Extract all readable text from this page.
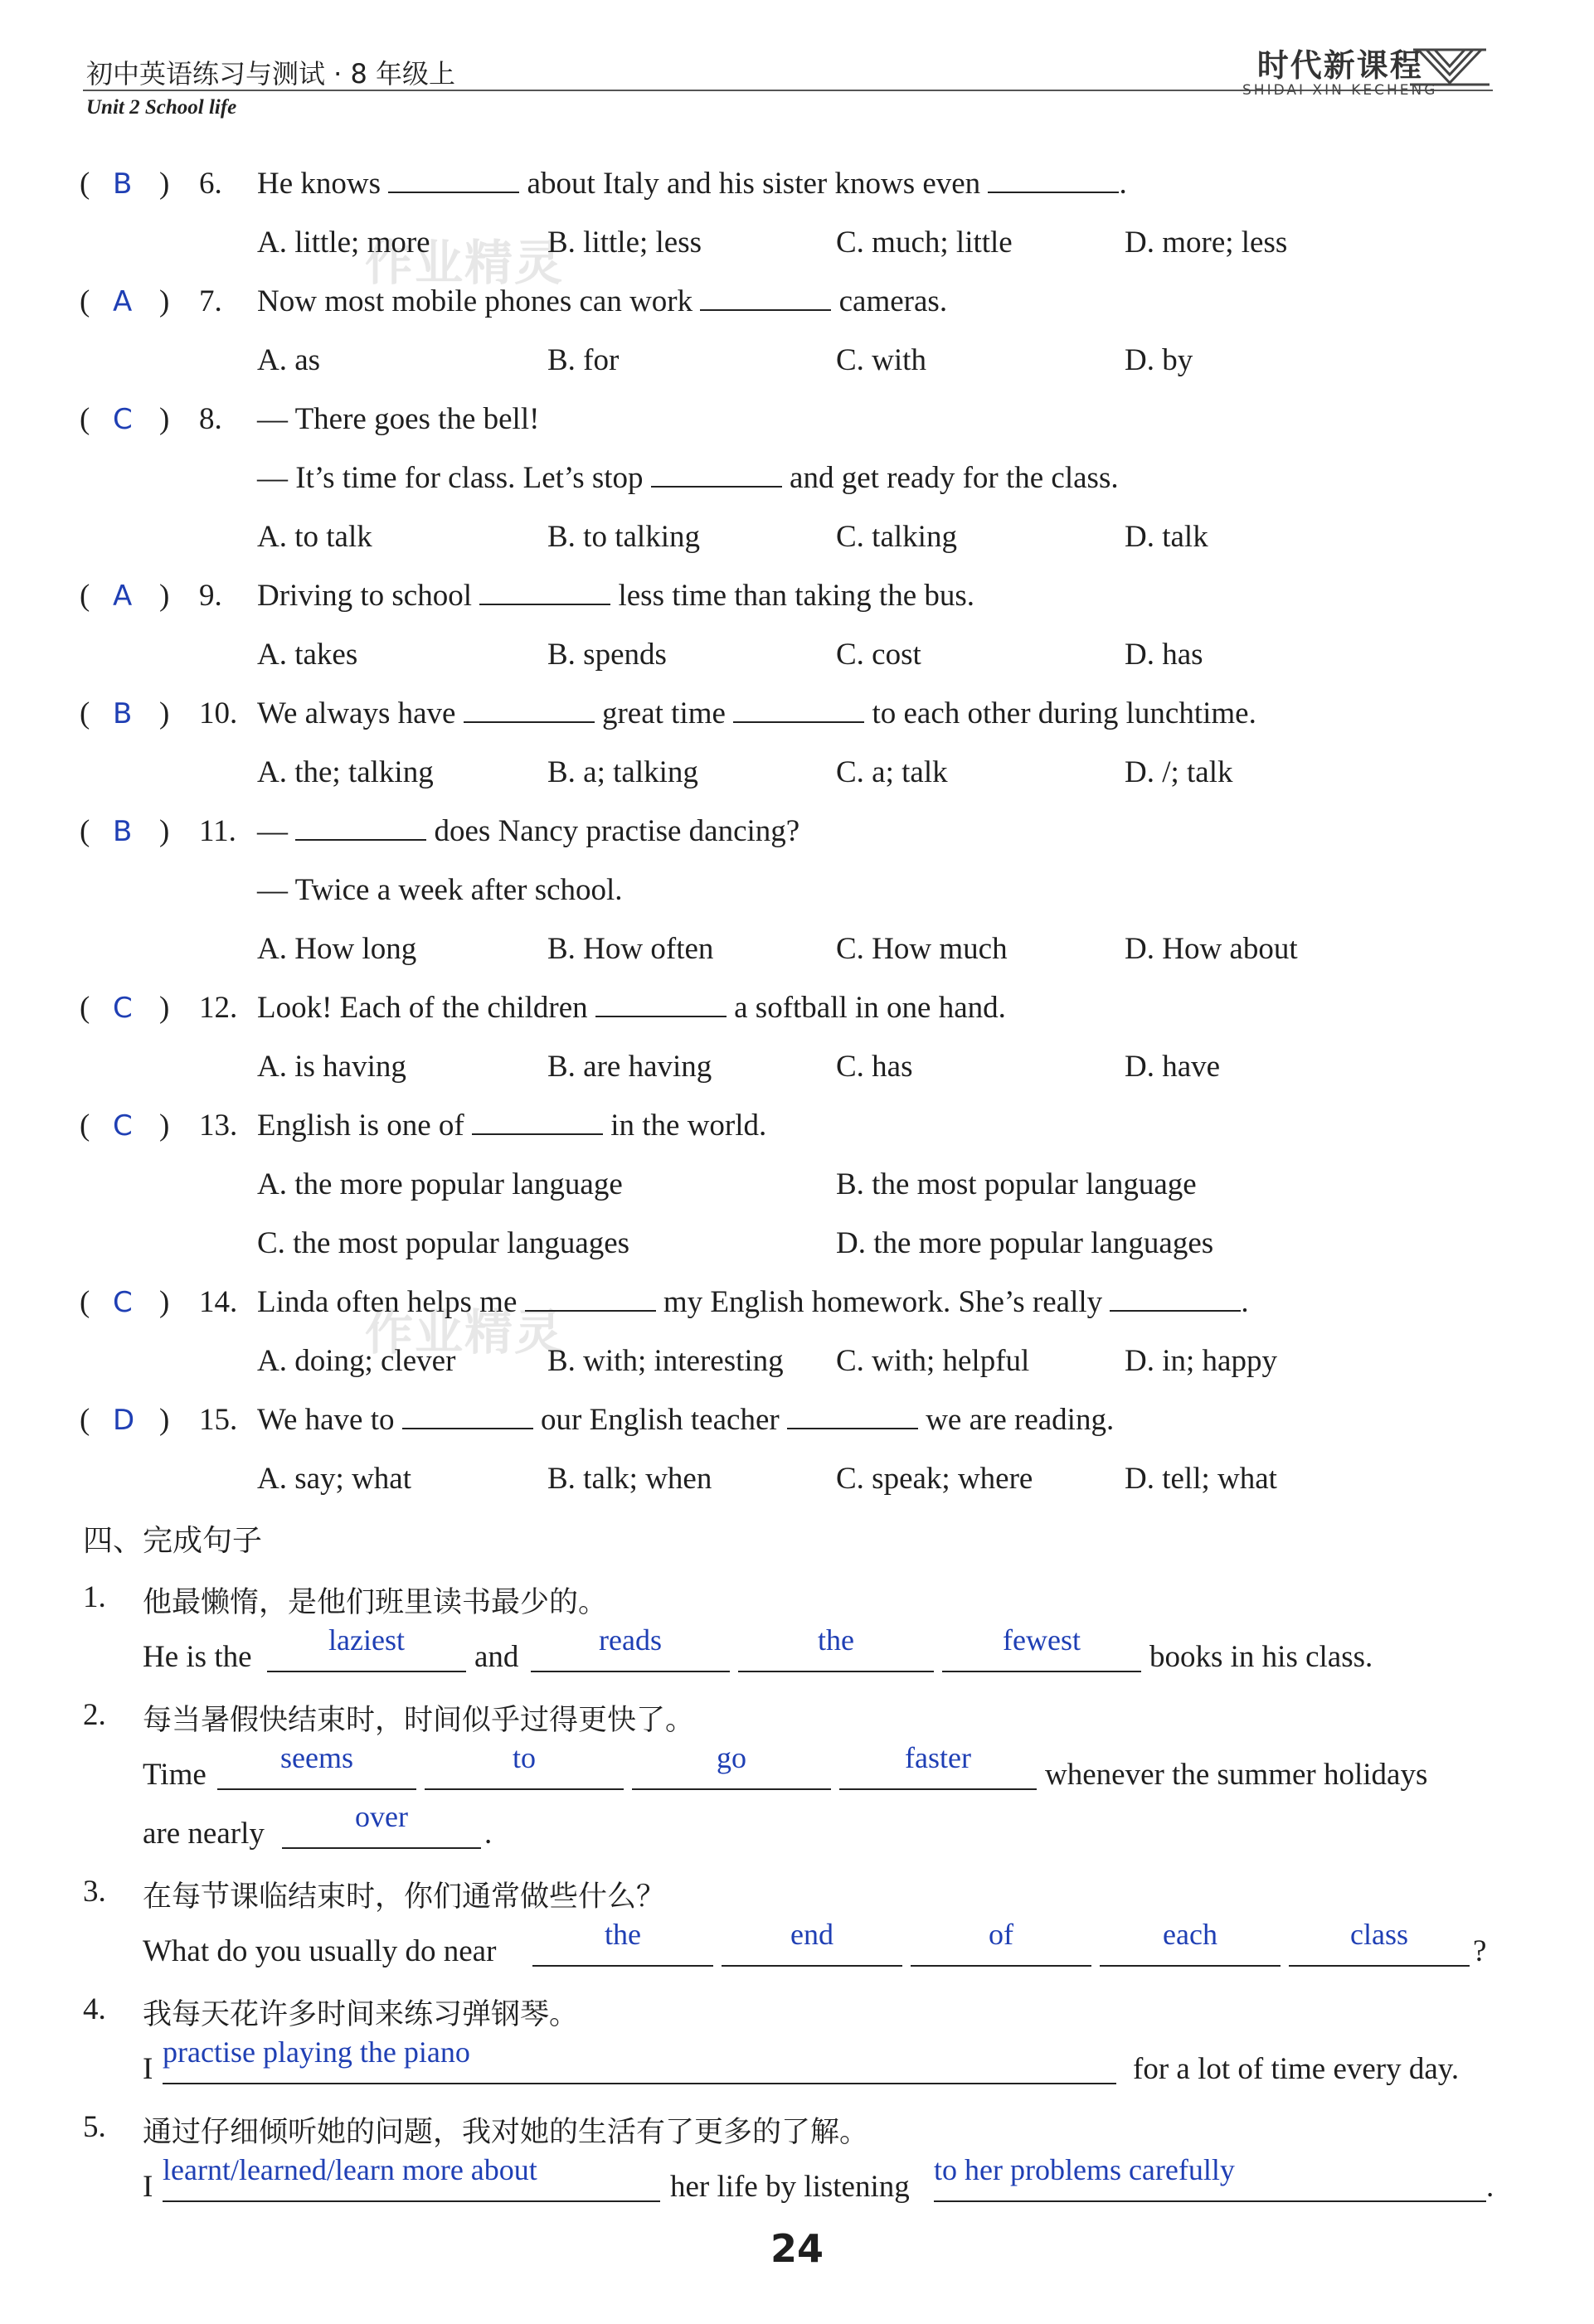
初中英语练习与测试 · 8 年级上
Unit 2 School life
时代新课程
SHIDAI XIN KECHENG
作业精灵
作业精灵
( B ) 6. He knows	about Italy and his sister knows even	.
A. little; more	B. little; less	C. much; little	D. more; less
( A ) 7. Now most mobile phones can work	cameras.
A. as	B. for	C. with	D. by
( C ) 8. — There goes the bell!
— It’s time for class. Let’s stop	and get ready for the class.
A. to talk	B. to talking	C. talking	D. talk
( A ) 9. Driving to school	less time than taking the bus.
A. takes	B. spends	C. cost	D. has
( B ) 10. We always have	great time	to each other during lunchtime.
A. the; talking	B. a; talking	C. a; talk	D. /; talk
( B ) 11. —	does Nancy practise dancing?
— Twice a week after school.
A. How long	B. How often	C. How much	D. How about
( C ) 12. Look! Each of the children	a softball in one hand.
A. is having	B. are having	C. has	D. have
( C ) 13. English is one of	in the world.
A. the more popular language	B. the most popular language
C. the most popular languages	D. the more popular languages
( C ) 14. Linda often helps me	my English homework. She’s really	.
A. doing; clever	B. with; interesting C. with; helpful	D. in; happy
( D ) 15. We have to	our English teacher	we are reading.
A. say; what	B. talk; when	C. speak; where	D. tell; what
四、完成句子
1. 他最懒惰，是他们班里读书最少的。
He is the	laziest	and	reads	the	fewest	books in his class.
2. 每当暑假快结束时，时间似乎过得更快了。
Time	seems	to	go	faster	whenever the summer holidays
are nearly	over	.
3. 在每节课临结束时，你们通常做些什么？
What do you usually do near	the	end	of	each	class	?
4. 我每天花许多时间来练习弹钢琴。
I practise playing the piano	for a lot of time every day.
5. 通过仔细倾听她的问题，我对她的生活有了更多的了解。
I learnt/learned/learn more about	her life by listening to her problems carefully	.
24
